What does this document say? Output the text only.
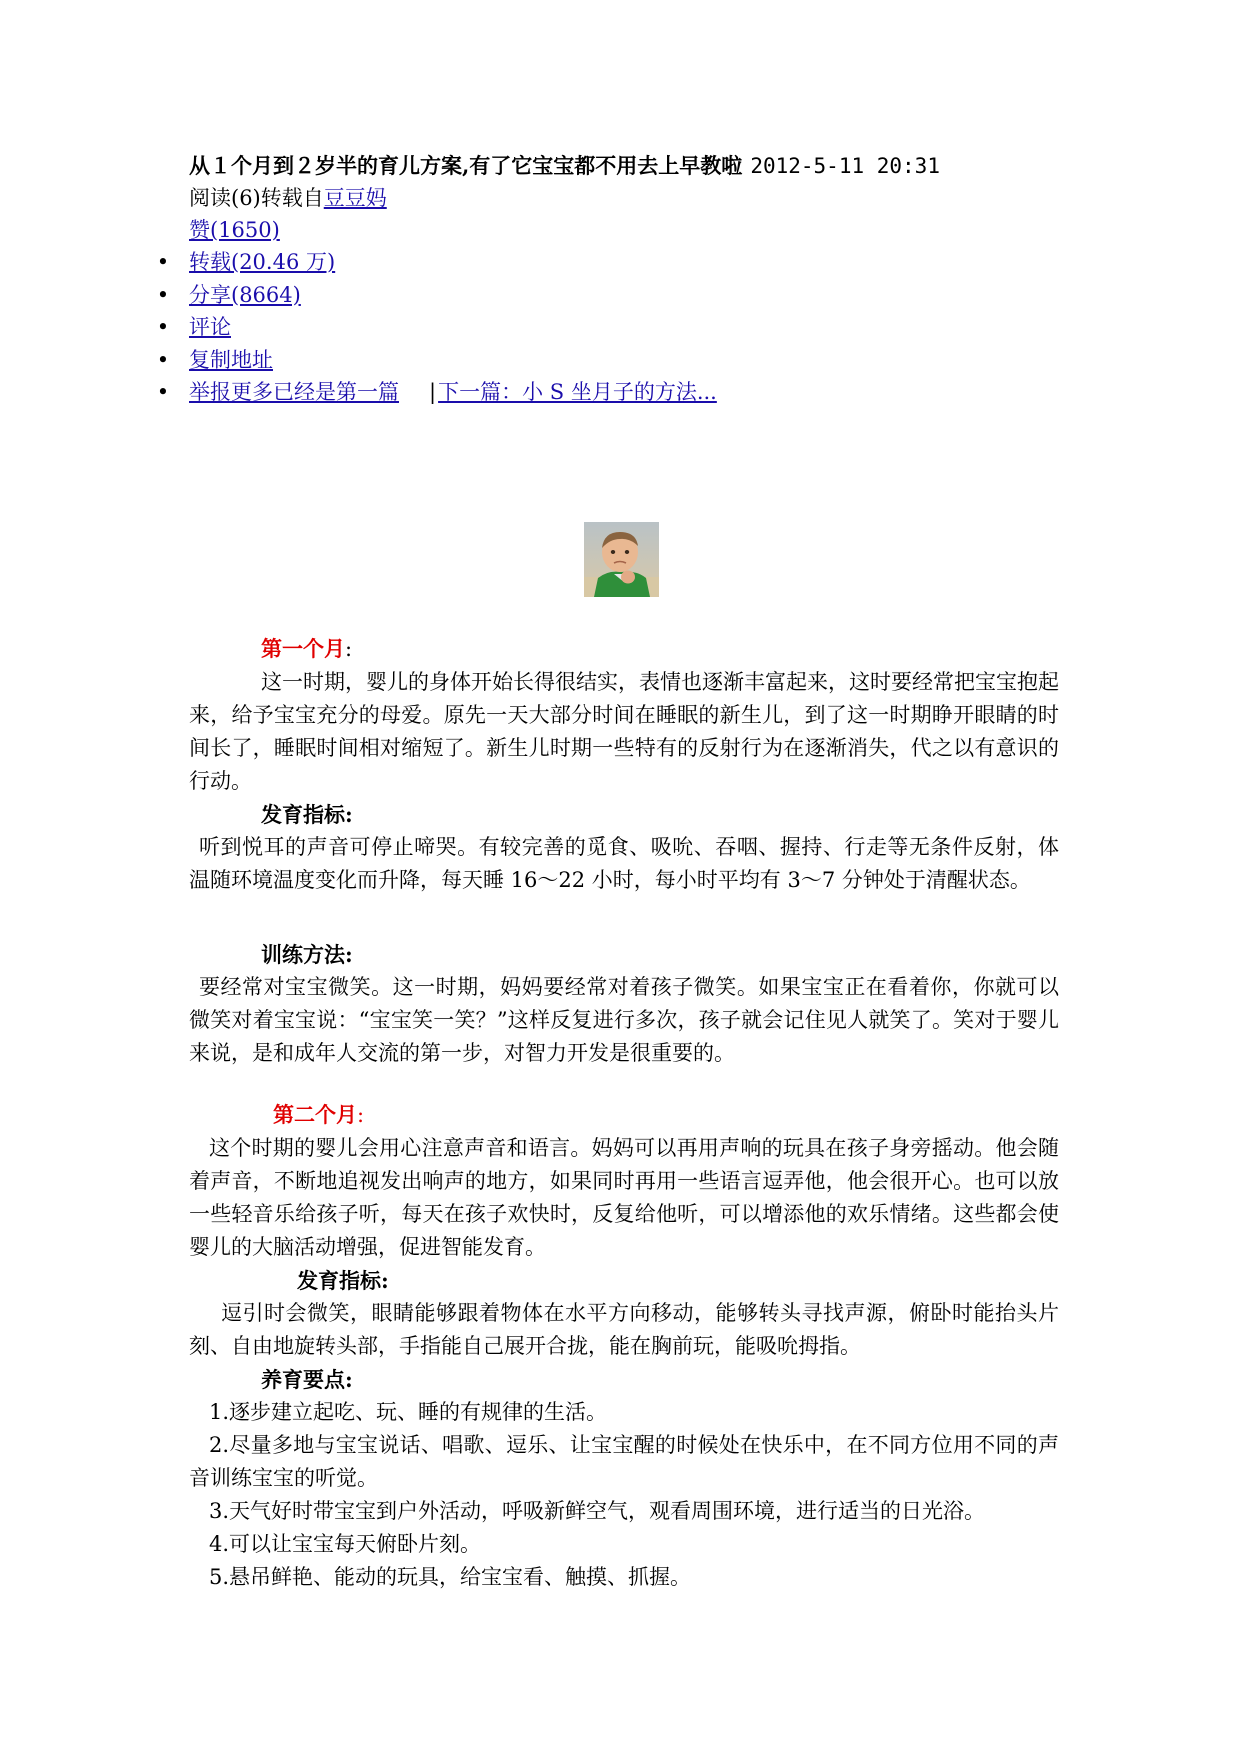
从１个月到２岁半的育儿方案,有了它宝宝都不用去上早教啦 2012-5-11 20:31
阅读(6)转载自豆豆妈
赞(1650)
• 转载(20.46 万)
• 分享(8664)
• 评论
• 复制地址
• 举报更多已经是第一篇 |下一篇：小 S 坐月子的方法...
第一个月:
这一时期，婴儿的身体开始长得很结实，表情也逐渐丰富起来，这时要经常把宝宝抱起来，给予宝宝充分的母爱。原先一天大部分时间在睡眠的新生儿，到了这一时期睁开眼睛的时间长了，睡眠时间相对缩短了。新生儿时期一些特有的反射行为在逐渐消失，代之以有意识的行动。
发育指标:
听到悦耳的声音可停止啼哭。有较完善的觅食、吸吮、吞咽、握持、行走等无条件反射，体温随环境温度变化而升降，每天睡 16～22 小时，每小时平均有 3～7 分钟处于清醒状态。
训练方法:
要经常对宝宝微笑。这一时期，妈妈要经常对着孩子微笑。如果宝宝正在看着你，你就可以微笑对着宝宝说：“宝宝笑一笑？”这样反复进行多次，孩子就会记住见人就笑了。笑对于婴儿来说，是和成年人交流的第一步，对智力开发是很重要的。
第二个月:
这个时期的婴儿会用心注意声音和语言。妈妈可以再用声响的玩具在孩子身旁摇动。他会随着声音，不断地追视发出响声的地方，如果同时再用一些语言逗弄他，他会很开心。也可以放一些轻音乐给孩子听，每天在孩子欢快时，反复给他听，可以增添他的欢乐情绪。这些都会使婴儿的大脑活动增强，促进智能发育。
发育指标:
逗引时会微笑，眼睛能够跟着物体在水平方向移动，能够转头寻找声源，俯卧时能抬头片刻、自由地旋转头部，手指能自己展开合拢，能在胸前玩，能吸吮拇指。
养育要点:
1.逐步建立起吃、玩、睡的有规律的生活。
2.尽量多地与宝宝说话、唱歌、逗乐、让宝宝醒的时候处在快乐中，在不同方位用不同的声音训练宝宝的听觉。
3.天气好时带宝宝到户外活动，呼吸新鲜空气，观看周围环境，进行适当的日光浴。
4.可以让宝宝每天俯卧片刻。
5.悬吊鲜艳、能动的玩具，给宝宝看、触摸、抓握。
